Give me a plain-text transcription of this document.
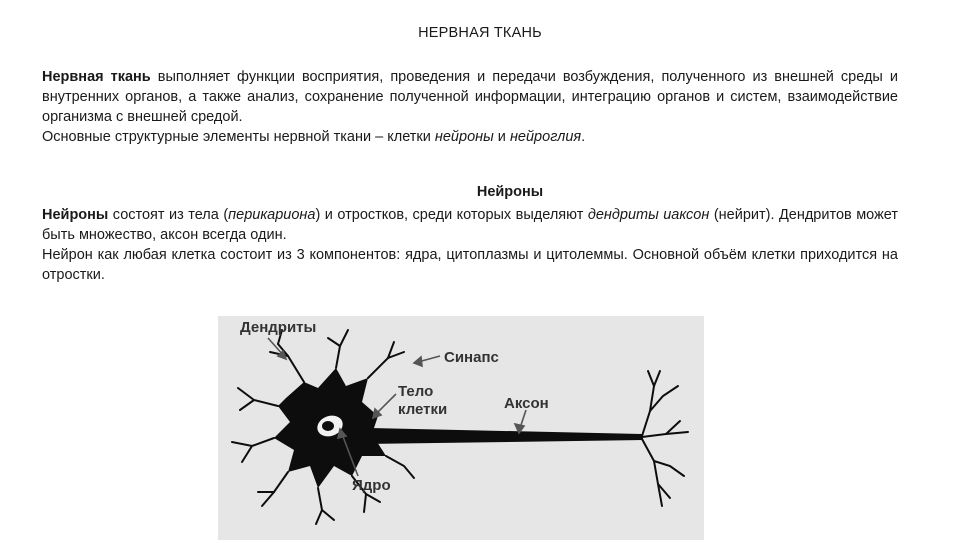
НЕРВНАЯ ТКАНЬ

Нервная ткань выполняет функции восприятия, проведения и передачи возбуждения, полученного из внешней среды и внутренних органов, а также анализ, сохранение полученной информации, интеграцию органов и систем, взаимодействие организма с внешней средой.
Основные структурные элементы нервной ткани – клетки нейроны и нейроглия.

Нейроны

Нейроны состоят из тела (перикариона) и отростков, среди которых выделяют дендриты иаксон (нейрит). Дендритов может быть множество, аксон всегда один.
Нейрон как любая клетка состоит из 3 компонентов: ядра, цитоплазмы и цитолеммы. Основной объём клетки приходится на отростки.

Дендриты
Синапс
Тело
клетки	Аксон
Ядро
